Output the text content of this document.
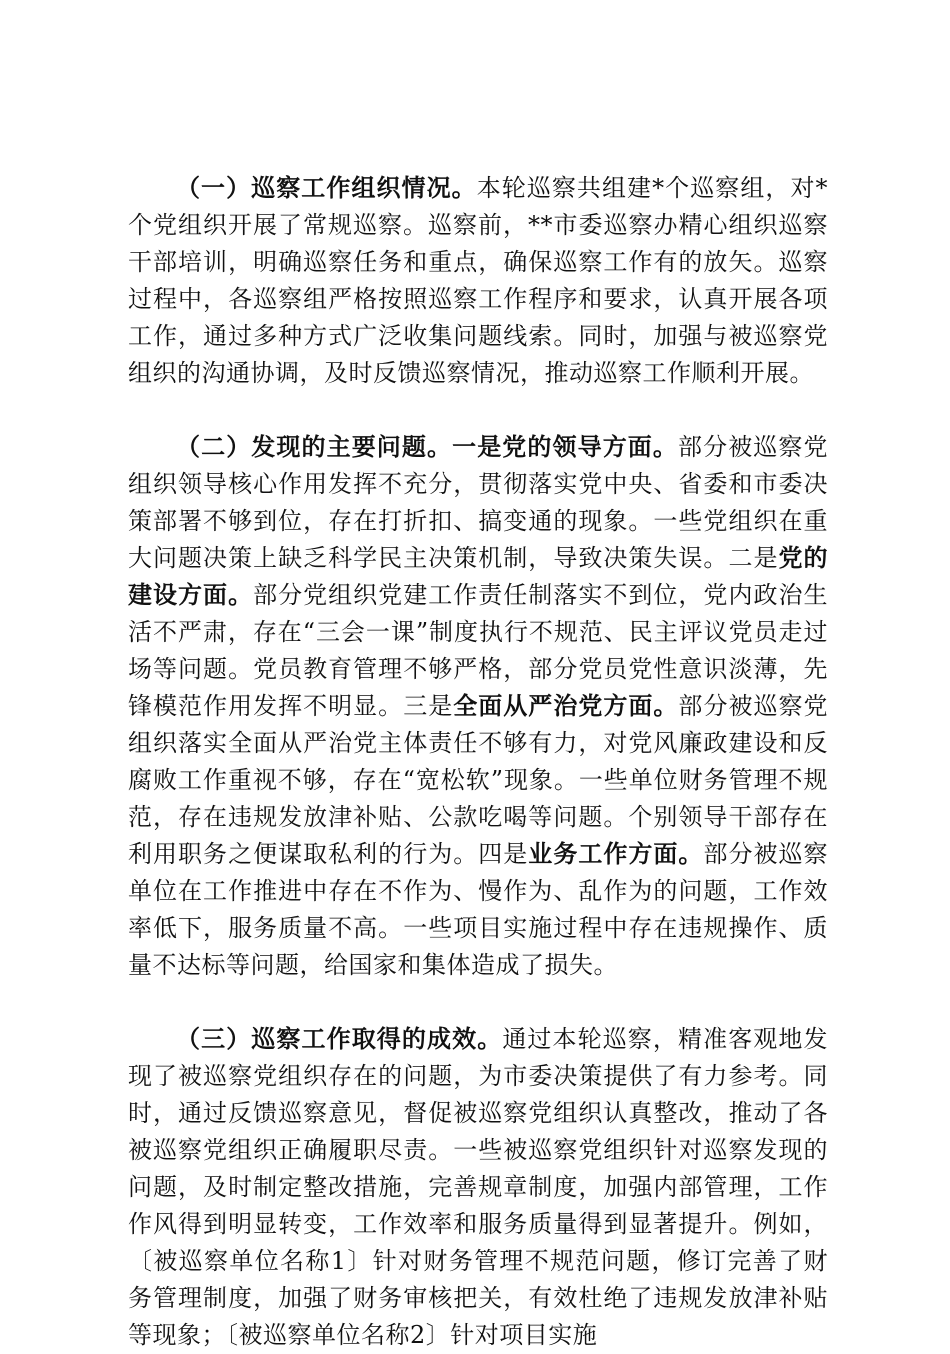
（一）巡察工作组织情况。本轮巡察共组建*个巡察组，对*个党组织开展了常规巡察。巡察前，**市委巡察办精心组织巡察干部培训，明确巡察任务和重点，确保巡察工作有的放矢。巡察过程中，各巡察组严格按照巡察工作程序和要求，认真开展各项工作，通过多种方式广泛收集问题线索。同时，加强与被巡察党组织的沟通协调，及时反馈巡察情况，推动巡察工作顺利开展。

（二）发现的主要问题。一是党的领导方面。部分被巡察党组织领导核心作用发挥不充分，贯彻落实党中央、省委和市委决策部署不够到位，存在打折扣、搞变通的现象。一些党组织在重大问题决策上缺乏科学民主决策机制，导致决策失误。二是党的建设方面。部分党组织党建工作责任制落实不到位，党内政治生活不严肃，存在“三会一课”制度执行不规范、民主评议党员走过场等问题。党员教育管理不够严格，部分党员党性意识淡薄，先锋模范作用发挥不明显。三是全面从严治党方面。部分被巡察党组织落实全面从严治党主体责任不够有力，对党风廉政建设和反腐败工作重视不够，存在“宽松软”现象。一些单位财务管理不规范，存在违规发放津补贴、公款吃喝等问题。个别领导干部存在利用职务之便谋取私利的行为。四是业务工作方面。部分被巡察单位在工作推进中存在不作为、慢作为、乱作为的问题，工作效率低下，服务质量不高。一些项目实施过程中存在违规操作、质量不达标等问题，给国家和集体造成了损失。

（三）巡察工作取得的成效。通过本轮巡察，精准客观地发现了被巡察党组织存在的问题，为市委决策提供了有力参考。同时，通过反馈巡察意见，督促被巡察党组织认真整改，推动了各被巡察党组织正确履职尽责。一些被巡察党组织针对巡察发现的问题，及时制定整改措施，完善规章制度，加强内部管理，工作作风得到明显转变，工作效率和服务质量得到显著提升。例如，〔被巡察单位名称1〕针对财务管理不规范问题，修订完善了财务管理制度，加强了财务审核把关，有效杜绝了违规发放津补贴等现象；〔被巡察单位名称2〕针对项目实施
